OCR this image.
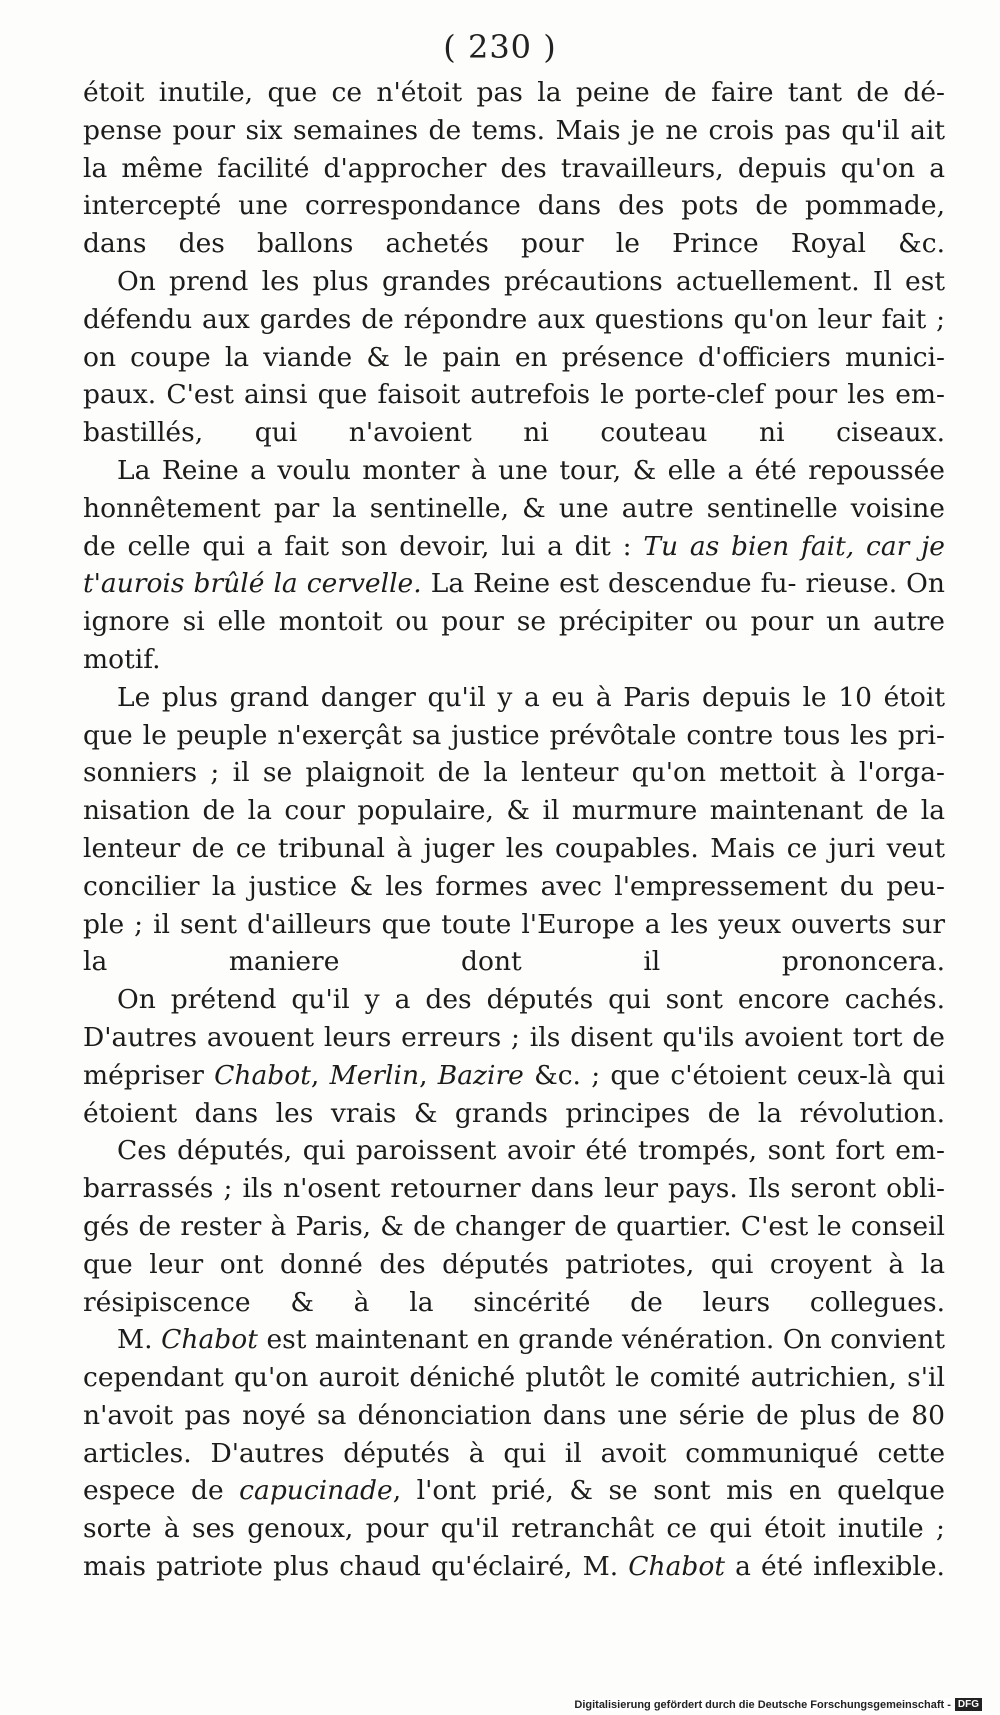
( 230 )

étoit inutile, que ce n'étoit pas la peine de faire tant de dé- pense pour six semaines de tems. Mais je ne crois pas qu'il ait la même facilité d'approcher des travailleurs, depuis qu'on a intercepté une correspondance dans des pots de pommade, dans des ballons achetés pour le Prince Royal &c.

On prend les plus grandes précautions actuellement. Il est défendu aux gardes de répondre aux questions qu'on leur fait ; on coupe la viande & le pain en présence d'officiers munici- paux. C'est ainsi que faisoit autrefois le porte-clef pour les em- bastillés, qui n'avoient ni couteau ni ciseaux.

La Reine a voulu monter à une tour, & elle a été repoussée honnêtement par la sentinelle, & une autre sentinelle voisine de celle qui a fait son devoir, lui a dit : Tu as bien fait, car je t'aurois brûlé la cervelle. La Reine est descendue fu- rieuse. On ignore si elle montoit ou pour se précipiter ou pour un autre motif.

Le plus grand danger qu'il y a eu à Paris depuis le 10 étoit que le peuple n'exerçât sa justice prévôtale contre tous les pri- sonniers ; il se plaignoit de la lenteur qu'on mettoit à l'orga- nisation de la cour populaire, & il murmure maintenant de la lenteur de ce tribunal à juger les coupables. Mais ce juri veut concilier la justice & les formes avec l'empressement du peu- ple ; il sent d'ailleurs que toute l'Europe a les yeux ouverts sur la maniere dont il prononcera.

On prétend qu'il y a des députés qui sont encore cachés. D'autres avouent leurs erreurs ; ils disent qu'ils avoient tort de mépriser Chabot, Merlin, Bazire &c. ; que c'étoient ceux-là qui étoient dans les vrais & grands principes de la révolution.

Ces députés, qui paroissent avoir été trompés, sont fort em- barrassés ; ils n'osent retourner dans leur pays. Ils seront obli- gés de rester à Paris, & de changer de quartier. C'est le conseil que leur ont donné des députés patriotes, qui croyent à la résipiscence & à la sincérité de leurs collegues.

M. Chabot est maintenant en grande vénération. On convient cependant qu'on auroit déniché plutôt le comité autrichien, s'il n'avoit pas noyé sa dénonciation dans une série de plus de 80 articles. D'autres députés à qui il avoit communiqué cette espece de capucinade, l'ont prié, & se sont mis en quelque sorte à ses genoux, pour qu'il retranchât ce qui étoit inutile ; mais patriote plus chaud qu'éclairé, M. Chabot a été inflexible.

Digitalisierung gefördert durch die Deutsche Forschungsgemeinschaft - DFG
